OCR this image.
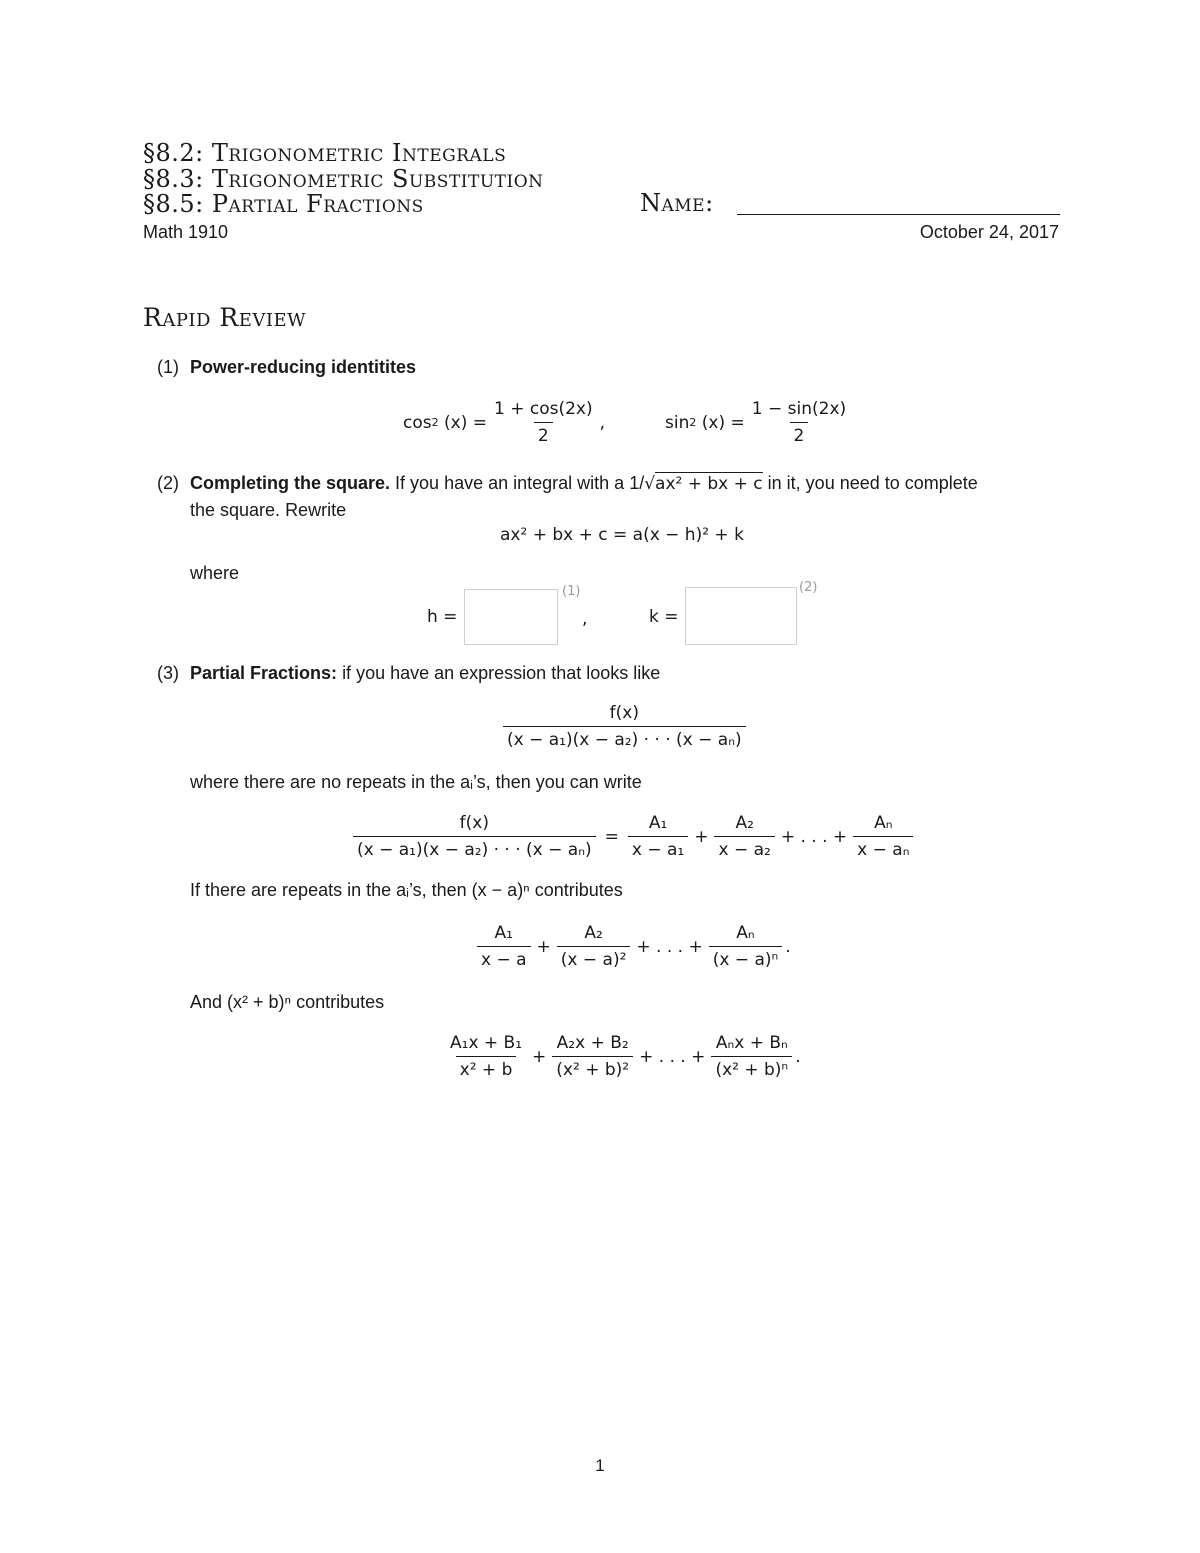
§8.2: Trigonometric Integrals
§8.3: Trigonometric Substitution
§8.5: Partial Fractions	Name:
Math 1910	October 24, 2017
Rapid Review
(1) Power-reducing identitites
cos 2
$(x) = \frac{1 + \cos(2x)}{2}$ ,	sin 2
$(x) = \frac{1 - \sin(2x)}{2}$
(2) Completing the square. If you have an integral with a 1/√ax² + bx + c in it, you need to complete
the square. Rewrite
ax² + bx + c = a(x − h)² + k
where
h =
(1)
,	k =
(2)
(3) Partial Fractions: if you have an expression that looks like
$\frac{f(x)}{\text{(x − a₁)(x − a₂) · · · (x − aₙ)}}$
where there are no repeats in the aᵢ’s, then you can write
$\frac{f(x)}{\text{(x − a₁)(x − a₂) · · · (x − aₙ)}} = \frac{\text{A₁}}{\text{x − a₁}} + \frac{\text{A₂}}{\text{x − a₂}}$ + . . . + $\frac{\text{Aₙ}}{\text{x − aₙ}}$
If there are repeats in the aᵢ’s, then (x − a)ⁿ contributes
$\frac{\text{A₁}}{x - a} + \frac{\text{A₂}}{\text{(x − a)²}}$ + . . . + $\frac{\text{Aₙ}}{\text{(x − a)ⁿ}}$ .
And (x² + b)ⁿ contributes
$\frac{\text{A₁x + B₁}}{\text{x² + b}} + \frac{\text{A₂x + B₂}}{\text{(x² + b)²}}$ + . . . + $\frac{\text{Aₙx + Bₙ}}{\text{(x² + b)ⁿ}}$ .
1
